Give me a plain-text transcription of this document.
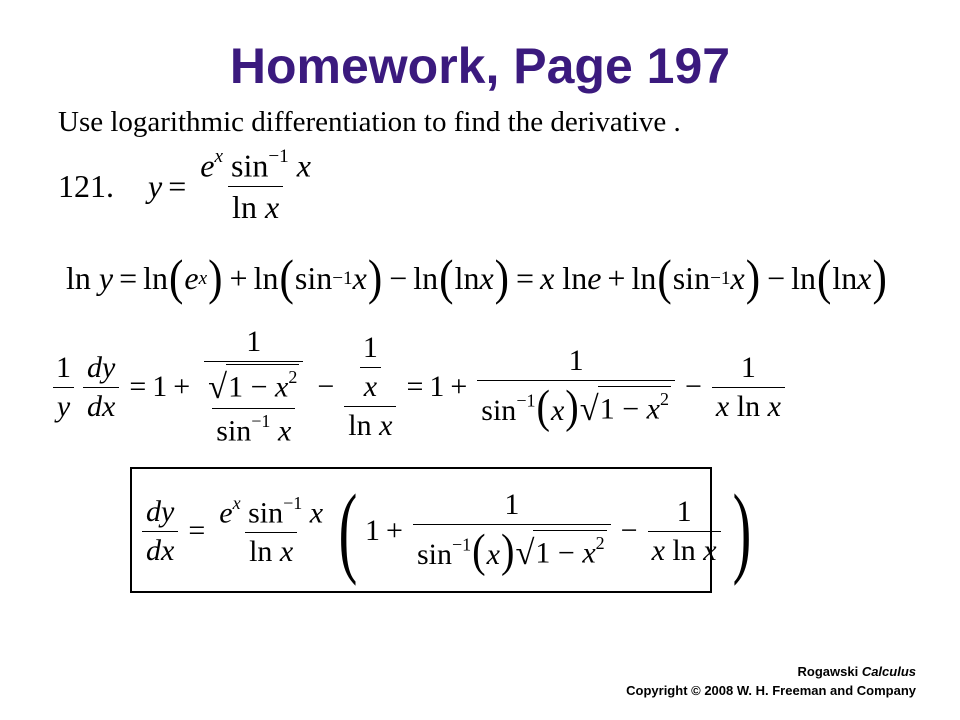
Homework, Page 197
Use logarithmic differentiation to find the derivative .
121. $y = \frac{e^x \sin^{-1} x}{\text{ln x}}$
ln y = ln ( e x ) + ln ( sin −1 x ) − ln ( ln x ) = x ln e + ln ( sin −1 x ) − ln ( ln x )
$\frac{1}{y} \frac{dy}{dx} = 1 + \frac{\frac{1}{√ 1 - x^2}}{\sin^{-1} x} - \frac{\frac{1}{x}}{\text{ln x}} = 1 + \frac{1}{\sin^{-1}(x) √ 1 - x^2} - \frac{1}{\text{x ln x}}$
$\frac{dy}{dx} = \frac{e^x \sin^{-1} x}{\text{ln x}}$ ( $1 + \frac{1}{\sin^{-1}(x) √ 1 - x^2} - \frac{1}{\text{x ln x}}$ )
Rogawski Calculus
Copyright © 2008 W. H. Freeman and Company
